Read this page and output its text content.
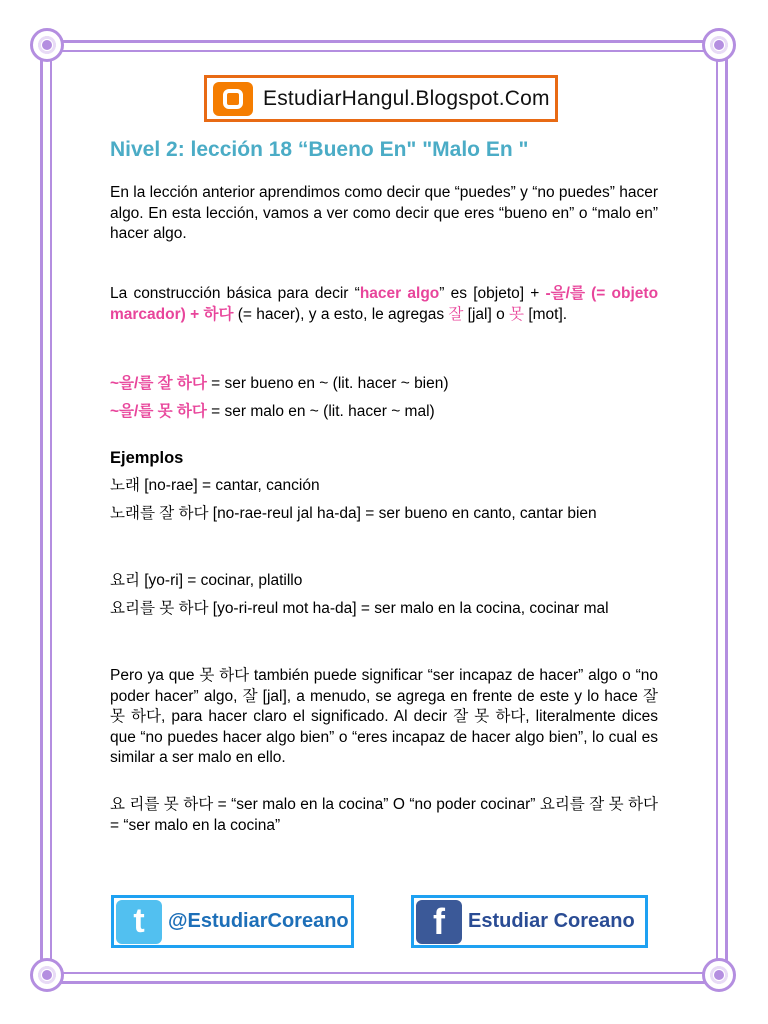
EstudiarHangul.Blogspot.Com
Nivel 2: lección 18 “Bueno En" "Malo En "
En la lección anterior aprendimos como decir que “puedes” y “no puedes” hacer algo. En esta lección, vamos a ver como decir que eres “bueno en” o “malo en” hacer algo.
La construcción básica para decir “hacer algo” es [objeto] + -을/를 (= objeto marcador) + 하다 (= hacer), y a esto, le agregas 잘 [jal] o 못 [mot].
~을/를 잘 하다 = ser bueno en ~ (lit. hacer ~ bien)
~을/를 못 하다 = ser malo en ~ (lit. hacer ~ mal)
Ejemplos
노래 [no-rae] = cantar, canción
노래를 잘 하다 [no-rae-reul jal ha-da] = ser bueno en canto, cantar bien
요리 [yo-ri] = cocinar, platillo
요리를 못 하다 [yo-ri-reul mot ha-da] = ser malo en la cocina, cocinar mal
Pero ya que 못 하다 también puede significar “ser incapaz de hacer” algo o “no poder hacer” algo, 잘 [jal], a menudo, se agrega en frente de este y lo hace 잘 못 하다, para hacer claro el significado. Al decir 잘 못 하다, literalmente dices que “no puedes hacer algo bien” o “eres incapaz de hacer algo bien”, lo cual es similar a ser malo en ello.
요 리를 못 하다 = “ser malo en la cocina” O “no poder cocinar” 요리를 잘 못 하다 = “ser malo en la cocina”
t	@EstudiarCoreano	f	Estudiar Coreano
